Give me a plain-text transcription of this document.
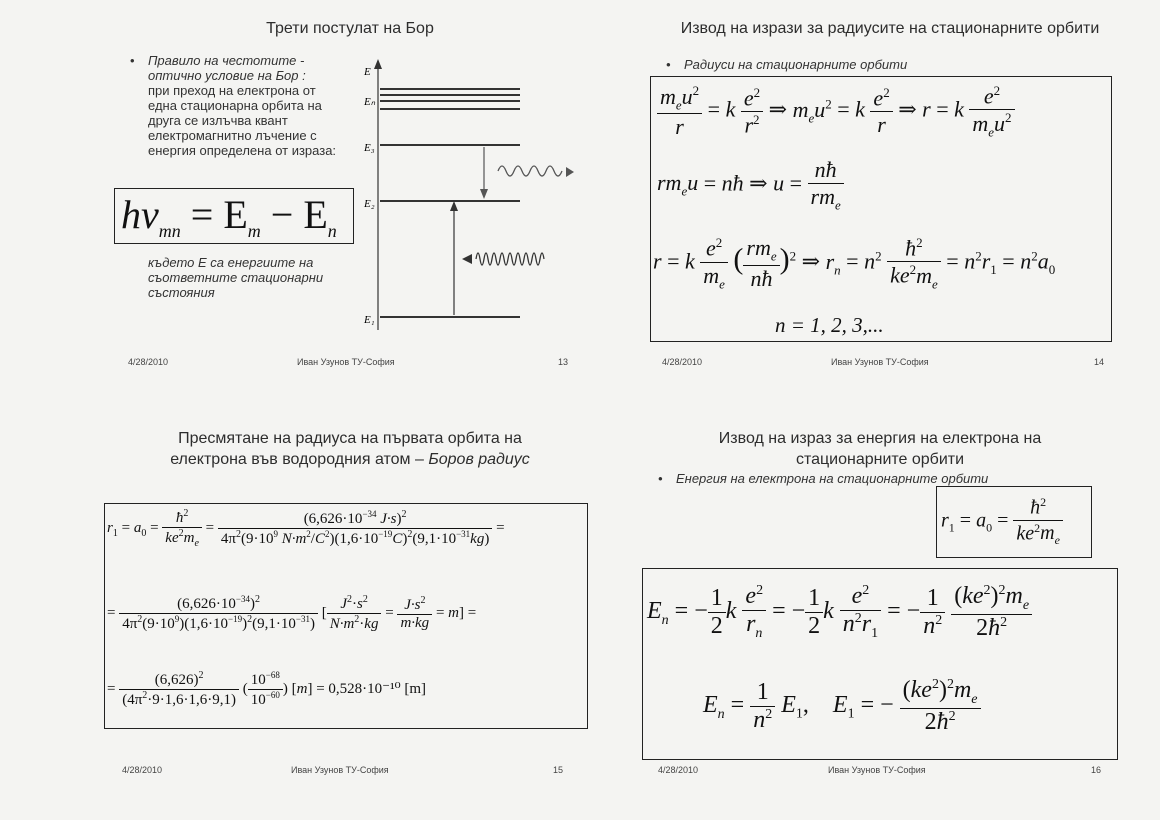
Трети постулат на Бор
• Правило на честотите - оптично условие на Бор :
при преход на електрона от една стационарна орбита на друга се излъчва квант електромагнитно лъчение с енергия определена от израза:
$h\nu_{mn} = E_m - E_n$
където Е са енергиите на съответните стационарни състояния
E
Eₙ
E₃
E₂
E₁
4/28/2010	Иван Узунов ТУ-София	13
Извод на изрази за радиусите на стационарните орбити
• Радиуси на стационарните орбити
$\frac{m_eu^2}{r} = k \frac{e^2}{r^2}$ ⇒ $m_eu^2 = k \frac{e^2}{r}$ ⇒ r = k $\frac{e^2}{m_eu^2}$
$rm_eu$ = nħ ⇒ $u = \frac{nħ}{rm_e}$
r = k $\frac{e^2}{m_e}$ ( $\frac{rm_e}{nħ} )^2$ ⇒ $r_n = n^2 \frac{ħ^2}{ke^2m_e} = n^2r_1 = n^2a_0$
n = 1, 2, 3,...
4/28/2010	Иван Узунов ТУ-София	14
Пресмятане на радиуса на първата орбита на
електрона във водородния атом – Боров радиус
$r_1 = a_0 = \frac{ħ^2}{ke^2m_e} = \frac{(6,626\cdot 10^{-34} J\cdot s)^2}{4\pi^2(9\cdot 10^9 N\cdot m^2/C^2)(1,6\cdot 10^{-19}C)^2(9,1\cdot 10^{-31}kg)}$ =
= $\frac{(6,626\cdot 10^{-34})^2}{4\pi^2(9\cdot 10^9)(1,6\cdot 10^{-19})^2(9,1\cdot 10^{-31})}$ [ $\frac{J^2\cdot s^2}{N\cdot m^2\cdot kg} = \frac{J\cdot s^2}{m\cdot kg} = m$] =
= $\frac{(6,626)^2}{(4\pi^2\cdot 9\cdot 1,6\cdot 1,6\cdot 9,1)}$ ( $\frac{10^{-68}}{10^{-60}}$ ) [m] = 0,528·10⁻¹⁰ [m]
4/28/2010	Иван Узунов ТУ-София	15
Извод на израз за енергия на електрона на
стационарните орбити
• Енергия на електрона на стационарните орбити
$r_1 = a_0 = \frac{ħ^2}{ke^2m_e}$
$E_n$ = − $\frac{1}{2}$ k $\frac{e^2}{r_n}$ = − $\frac{1}{2}$ k $\frac{e^2}{n^2r_1}$ = − $\frac{1}{n^2}$
$\frac{(ke^2)^2m_e}{2ħ^2}$
$E_n = \frac{1}{n^2} E_1$,    $E_1$ = − $\frac{(ke^2)^2m_e}{2ħ^2}$
4/28/2010	Иван Узунов ТУ-София	16
